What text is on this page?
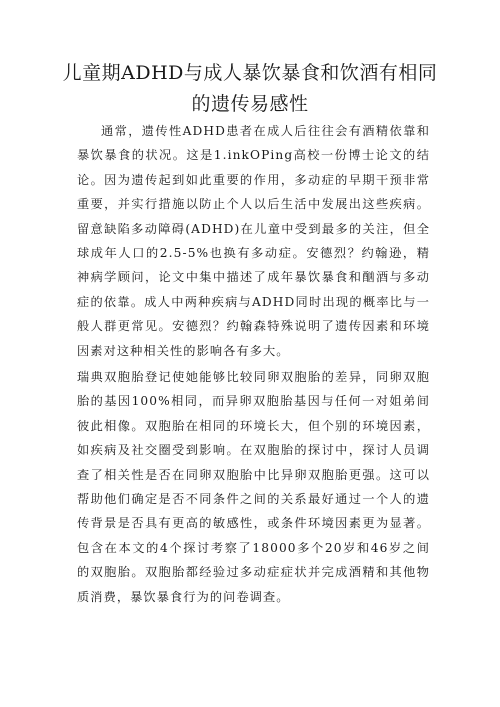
儿童期ADHD与成人暴饮暴食和饮酒有相同的遗传易感性

通常，遗传性ADHD患者在成人后往往会有酒精依靠和暴饮暴食的状况。这是1.inkOPing高校一份博士论文的结论。因为遗传起到如此重要的作用，多动症的早期干预非常重要，并实行措施以防止个人以后生活中发展出这些疾病。留意缺陷多动障碍(ADHD)在儿童中受到最多的关注，但全球成年人口的2.5-5%也换有多动症。安德烈？约翰逊，精神病学顾问，论文中集中描述了成年暴饮暴食和酗酒与多动症的依靠。成人中两种疾病与ADHD同时出现的概率比与一般人群更常见。安德烈？约翰森特殊说明了遗传因素和环境因素对这种相关性的影响各有多大。

瑞典双胞胎登记使她能够比较同卵双胞胎的差异，同卵双胞胎的基因100%相同，而异卵双胞胎基因与任何一对姐弟间彼此相像。双胞胎在相同的环境长大，但个别的环境因素，如疾病及社交圈受到影响。在双胞胎的探讨中，探讨人员调查了相关性是否在同卵双胞胎中比异卵双胞胎更强。这可以帮助他们确定是否不同条件之间的关系最好通过一个人的遗传背景是否具有更高的敏感性，或条件环境因素更为显著。包含在本文的4个探讨考察了18000多个20岁和46岁之间的双胞胎。双胞胎都经验过多动症症状并完成酒精和其他物质消费，暴饮暴食行为的问卷调查。
